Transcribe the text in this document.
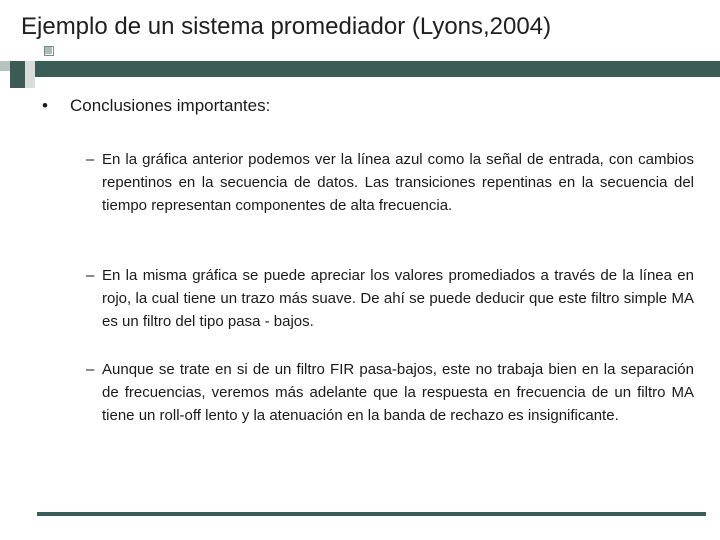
Ejemplo de un sistema promediador (Lyons,2004)
• Conclusiones importantes:
– En la gráfica anterior podemos ver la línea azul como la señal de entrada, con cambios repentinos en la secuencia de datos. Las transiciones repentinas en la secuencia del tiempo representan componentes de alta frecuencia.
– En la misma gráfica se puede apreciar los valores promediados a través de la línea en rojo, la cual tiene un trazo más suave. De ahí se puede deducir que este filtro simple MA es un filtro del tipo pasa - bajos.
– Aunque se trate en si de un filtro FIR pasa-bajos, este no trabaja bien en la separación de frecuencias, veremos más adelante que la respuesta en frecuencia de un filtro MA tiene un roll-off lento y la atenuación en la banda de rechazo es insignificante.
